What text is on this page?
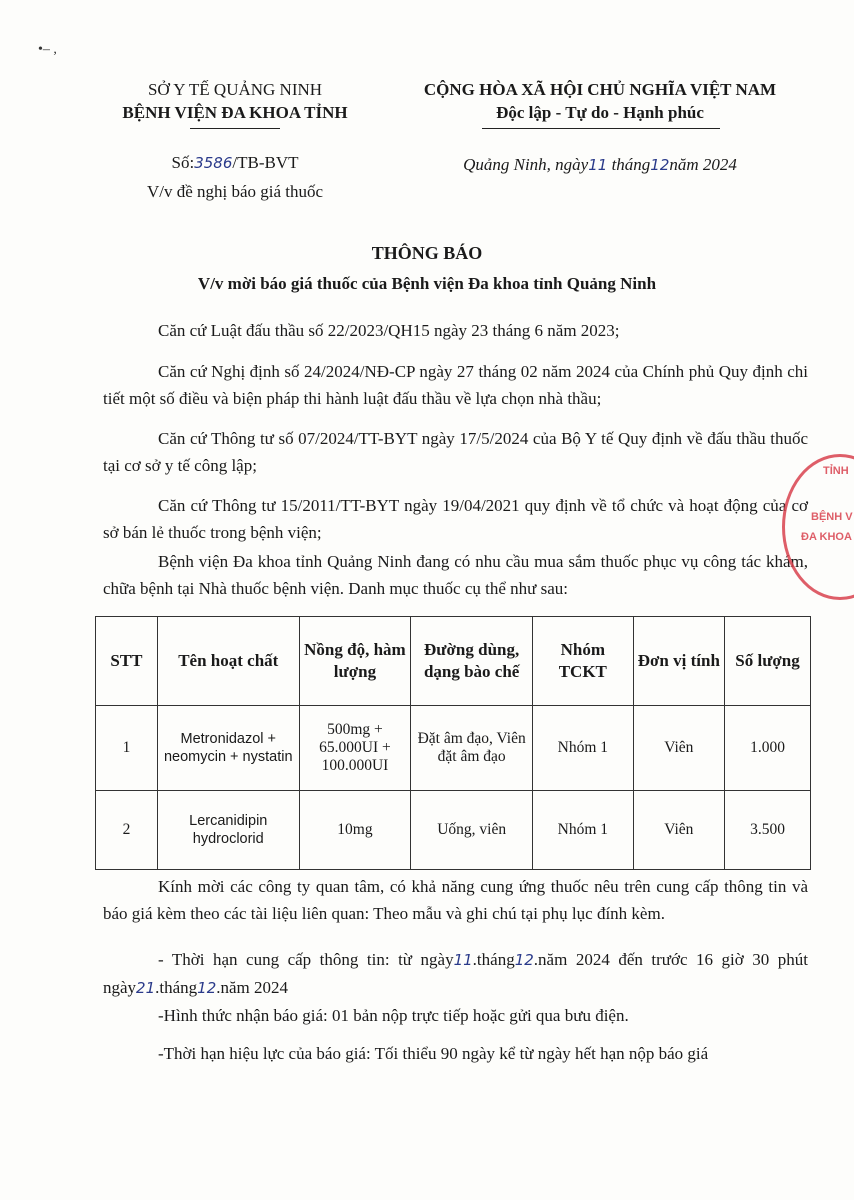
•‒ ,
SỞ Y TẾ QUẢNG NINH
BỆNH VIỆN ĐA KHOA TỈNH
Số:3586/TB-BVT
V/v đề nghị báo giá thuốc
CỘNG HÒA XÃ HỘI CHỦ NGHĨA VIỆT NAM
Độc lập - Tự do - Hạnh phúc
Quảng Ninh, ngày11 tháng12năm 2024
THÔNG BÁO
V/v mời báo giá thuốc của Bệnh viện Đa khoa tỉnh Quảng Ninh
Căn cứ Luật đấu thầu số 22/2023/QH15 ngày 23 tháng 6 năm 2023;
Căn cứ Nghị định số 24/2024/NĐ-CP ngày 27 tháng 02 năm 2024 của Chính phủ Quy định chi tiết một số điều và biện pháp thi hành luật đấu thầu về lựa chọn nhà thầu;
Căn cứ Thông tư số 07/2024/TT-BYT ngày 17/5/2024 của Bộ Y tế Quy định về đấu thầu thuốc tại cơ sở y tế công lập;
Căn cứ Thông tư 15/2011/TT-BYT ngày 19/04/2021 quy định về tổ chức và hoạt động của cơ sở bán lẻ thuốc trong bệnh viện;
Bệnh viện Đa khoa tỉnh Quảng Ninh đang có nhu cầu mua sắm thuốc phục vụ công tác khám, chữa bệnh tại Nhà thuốc bệnh viện. Danh mục thuốc cụ thể như sau:
STT	Tên hoạt chất	Nồng độ, hàm lượng	Đường dùng, dạng bào chế	Nhóm TCKT	Đơn vị tính	Số lượng
1	Metronidazol + neomycin + nystatin	500mg + 65.000UI + 100.000UI	Đặt âm đạo, Viên đặt âm đạo	Nhóm 1	Viên	1.000
2	Lercanidipin hydroclorid	10mg	Uống, viên	Nhóm 1	Viên	3.500
Kính mời các công ty quan tâm, có khả năng cung ứng thuốc nêu trên cung cấp thông tin và báo giá kèm theo các tài liệu liên quan: Theo mẫu và ghi chú tại phụ lục đính kèm.
- Thời hạn cung cấp thông tin: từ ngày11.tháng12.năm 2024 đến trước 16 giờ 30 phút ngày21.tháng12.năm 2024
-Hình thức nhận báo giá: 01 bản nộp trực tiếp hoặc gửi qua bưu điện.
-Thời hạn hiệu lực của báo giá: Tối thiểu 90 ngày kể từ ngày hết hạn nộp báo giá
TỈNH
BỆNH V
ĐA KHOA
